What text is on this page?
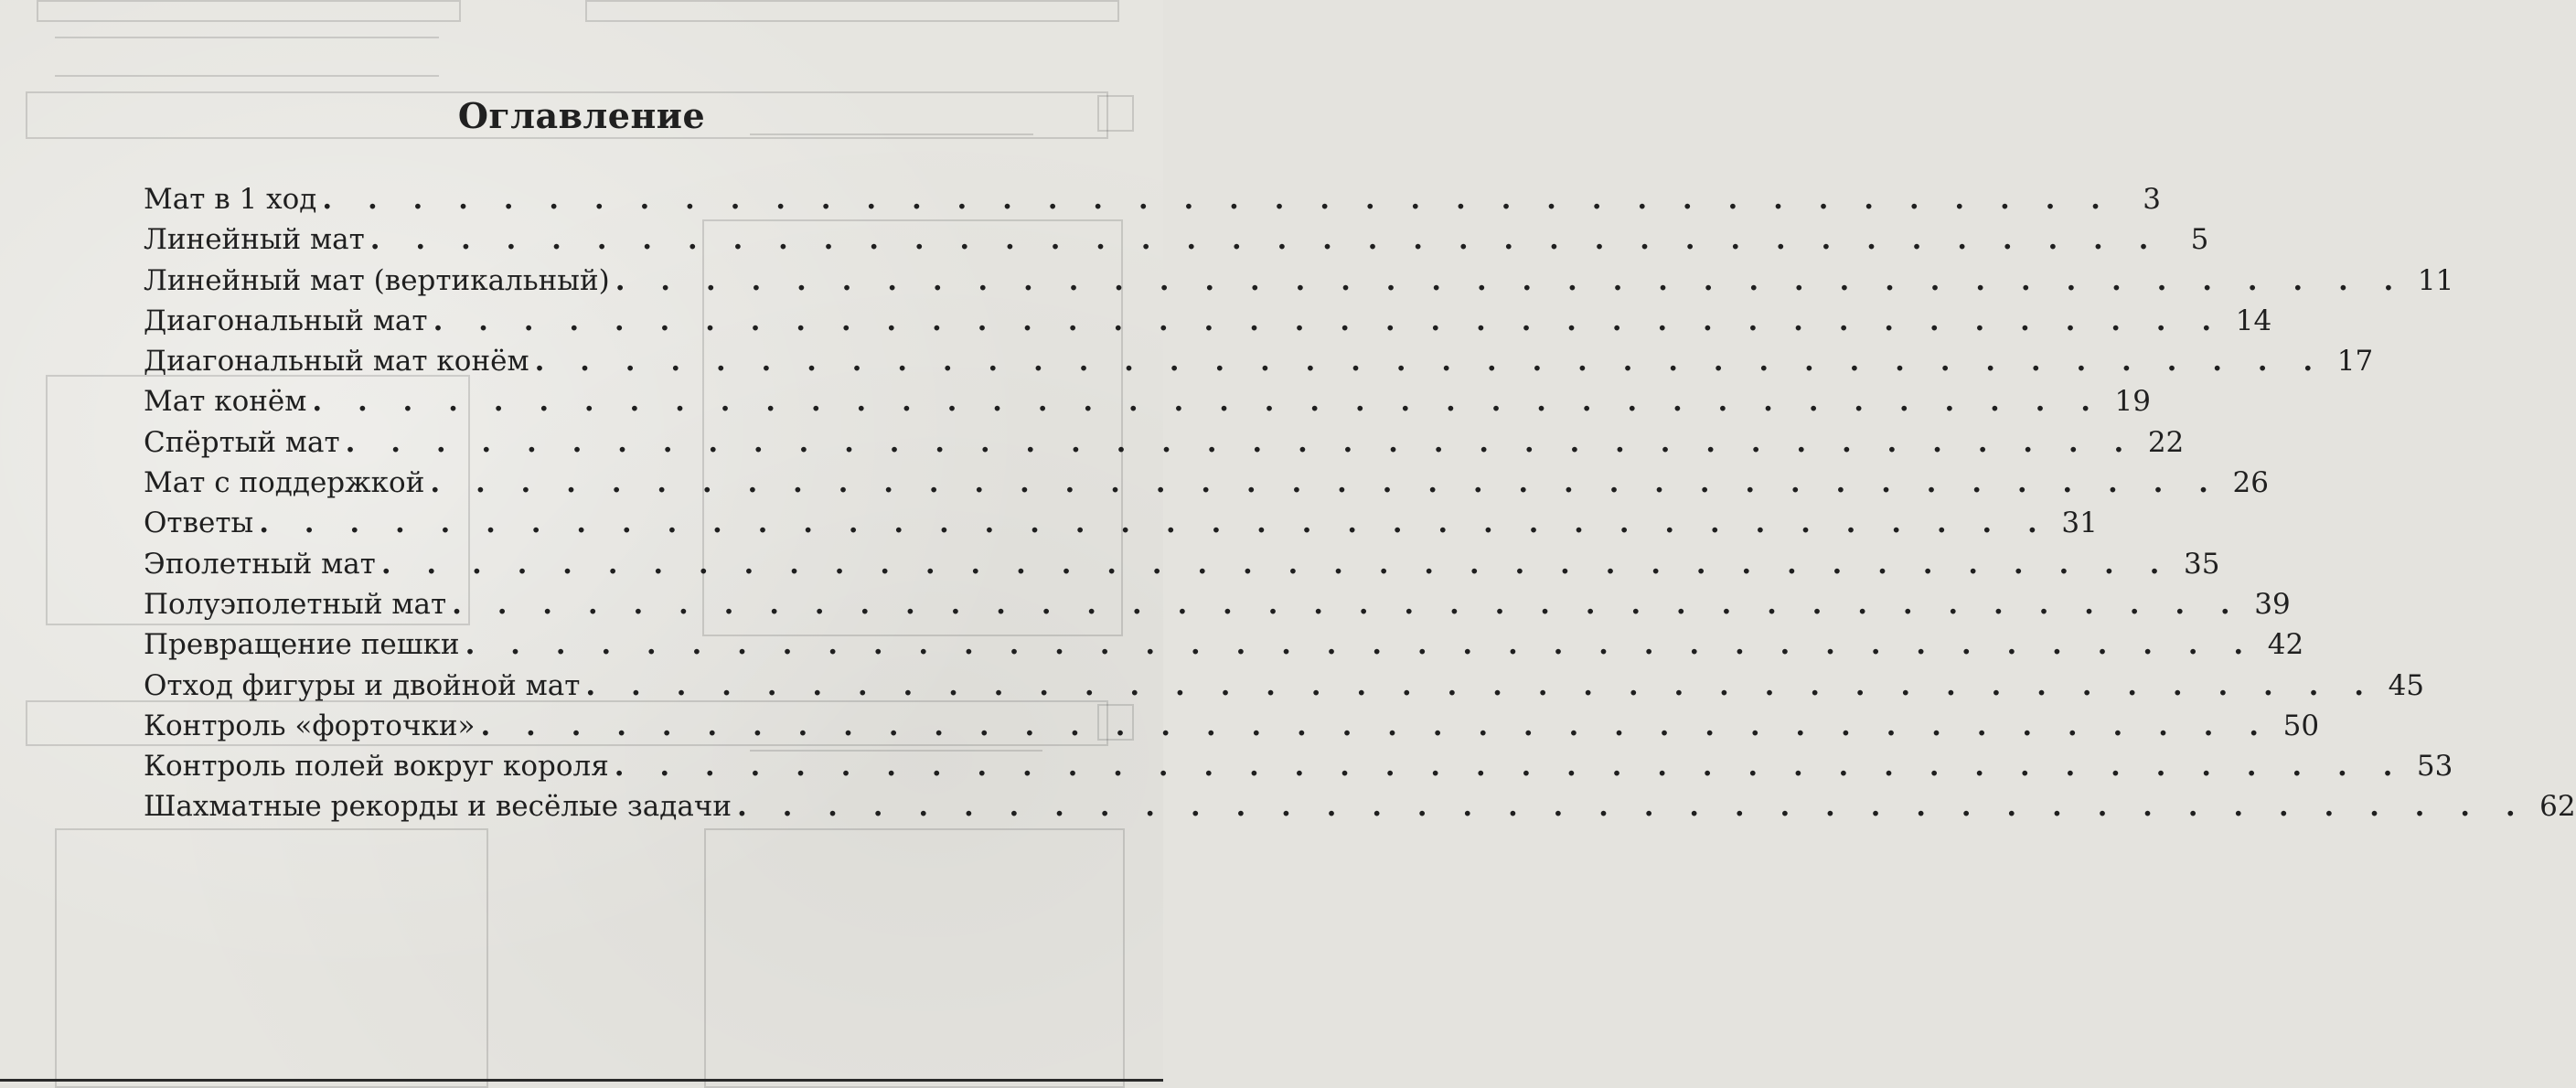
Оглавление
Мат в 1 ход . . . . . . . . . . . . . . . . . . . . . . . . . . . . . . . . . . . . . . . .	3
Линейный мат . . . . . . . . . . . . . . . . . . . . . . . . . . . . . . . . . . . . . . . .	5
Линейный мат (вертикальный) . . . . . . . . . . . . . . . . . . . . . . . . . . . . . . . . . . . . . . . . 11
Диагональный мат . . . . . . . . . . . . . . . . . . . . . . . . . . . . . . . . . . . . . . . . 14
Диагональный мат конём . . . . . . . . . . . . . . . . . . . . . . . . . . . . . . . . . . . . . . . . 17
Мат конём . . . . . . . . . . . . . . . . . . . . . . . . . . . . . . . . . . . . . . . . 19
Спёртый мат . . . . . . . . . . . . . . . . . . . . . . . . . . . . . . . . . . . . . . . . 22
Мат с поддержкой . . . . . . . . . . . . . . . . . . . . . . . . . . . . . . . . . . . . . . . . 26
Ответы . . . . . . . . . . . . . . . . . . . . . . . . . . . . . . . . . . . . . . . . 31
Эполетный мат . . . . . . . . . . . . . . . . . . . . . . . . . . . . . . . . . . . . . . . . 35
Полуэполетный мат . . . . . . . . . . . . . . . . . . . . . . . . . . . . . . . . . . . . . . . . 39
Превращение пешки . . . . . . . . . . . . . . . . . . . . . . . . . . . . . . . . . . . . . . . . 42
Отход фигуры и двойной мат . . . . . . . . . . . . . . . . . . . . . . . . . . . . . . . . . . . . . . . . 45
Контроль «форточки» . . . . . . . . . . . . . . . . . . . . . . . . . . . . . . . . . . . . . . . . 50
Контроль полей вокруг короля . . . . . . . . . . . . . . . . . . . . . . . . . . . . . . . . . . . . . . . . 53
Шахматные рекорды и весёлые задачи . . . . . . . . . . . . . . . . . . . . . . . . . . . . . . . . . . . . . . . . 62
